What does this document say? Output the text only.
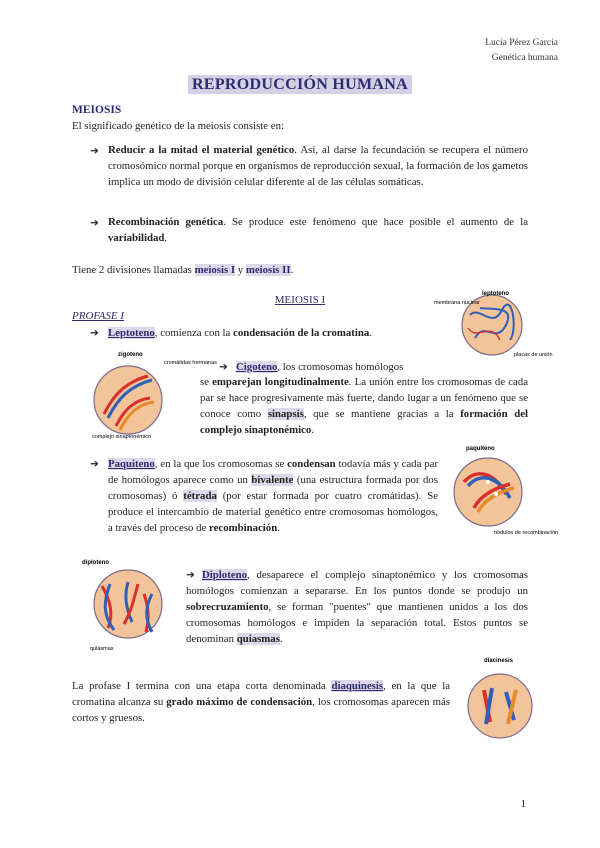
Lucía Pérez García
Genética humana
REPRODUCCIÓN HUMANA
MEIOSIS
El significado genético de la meiosis consiste en:
➔ Reducir a la mitad el material genético. Así, al darse la fecundación se recupera el número cromosómico normal porque en organismos de reproducción sexual, la formación de los gametos implica un modo de división celular diferente al de las células somáticas.
➔ Recombinación genética. Se produce este fenómeno que hace posible el aumento de la variabilidad.
Tiene 2 divisiones llamadas meiosis I y meiosis II.
MEIOSIS I
PROFASE I
➔ Leptoteno, comienza con la condensación de la cromatina.
leptoteno
membrana nuclear
placas de unión
zigoteno
cromátidas hermanas
complejo sinaptonémico
➔ Cigoteno, los cromosomas homólogos
se emparejan longitudinalmente. La unión entre los cromosomas de cada par se hace progresivamente más fuerte, dando lugar a un fenómeno que se conoce como sinapsis, que se mantiene gracias a la formación del complejo sinaptonémico.
➔ Paquiteno, en la que los cromosomas se condensan todavía más y cada par de homólogos aparece como un bivalente (una estructura formada por dos cromosomas) ó tétrada (por estar formada por cuatro cromátidas). Se produce el intercambio de material genético entre cromosomas homólogos, a través del proceso de recombinación.
paquiteno
nódulos de recombinación
diploteno
quiasmas
➔ Diploteno, desaparece el complejo sinaptonémico y los cromosomas homólogos comienzan a separarse. En los puntos donde se produjo un sobrecruzamiento, se forman "puentes" que mantienen unidos a los dos cromosomas homólogos e impiden la separación total. Estos puntos se denominan quiasmas.
La profase I termina con una etapa corta denominada diaquinesis, en la que la cromatina alcanza su grado máximo de condensación, los cromosomas aparecen más cortos y gruesos.
diacinesis
1
